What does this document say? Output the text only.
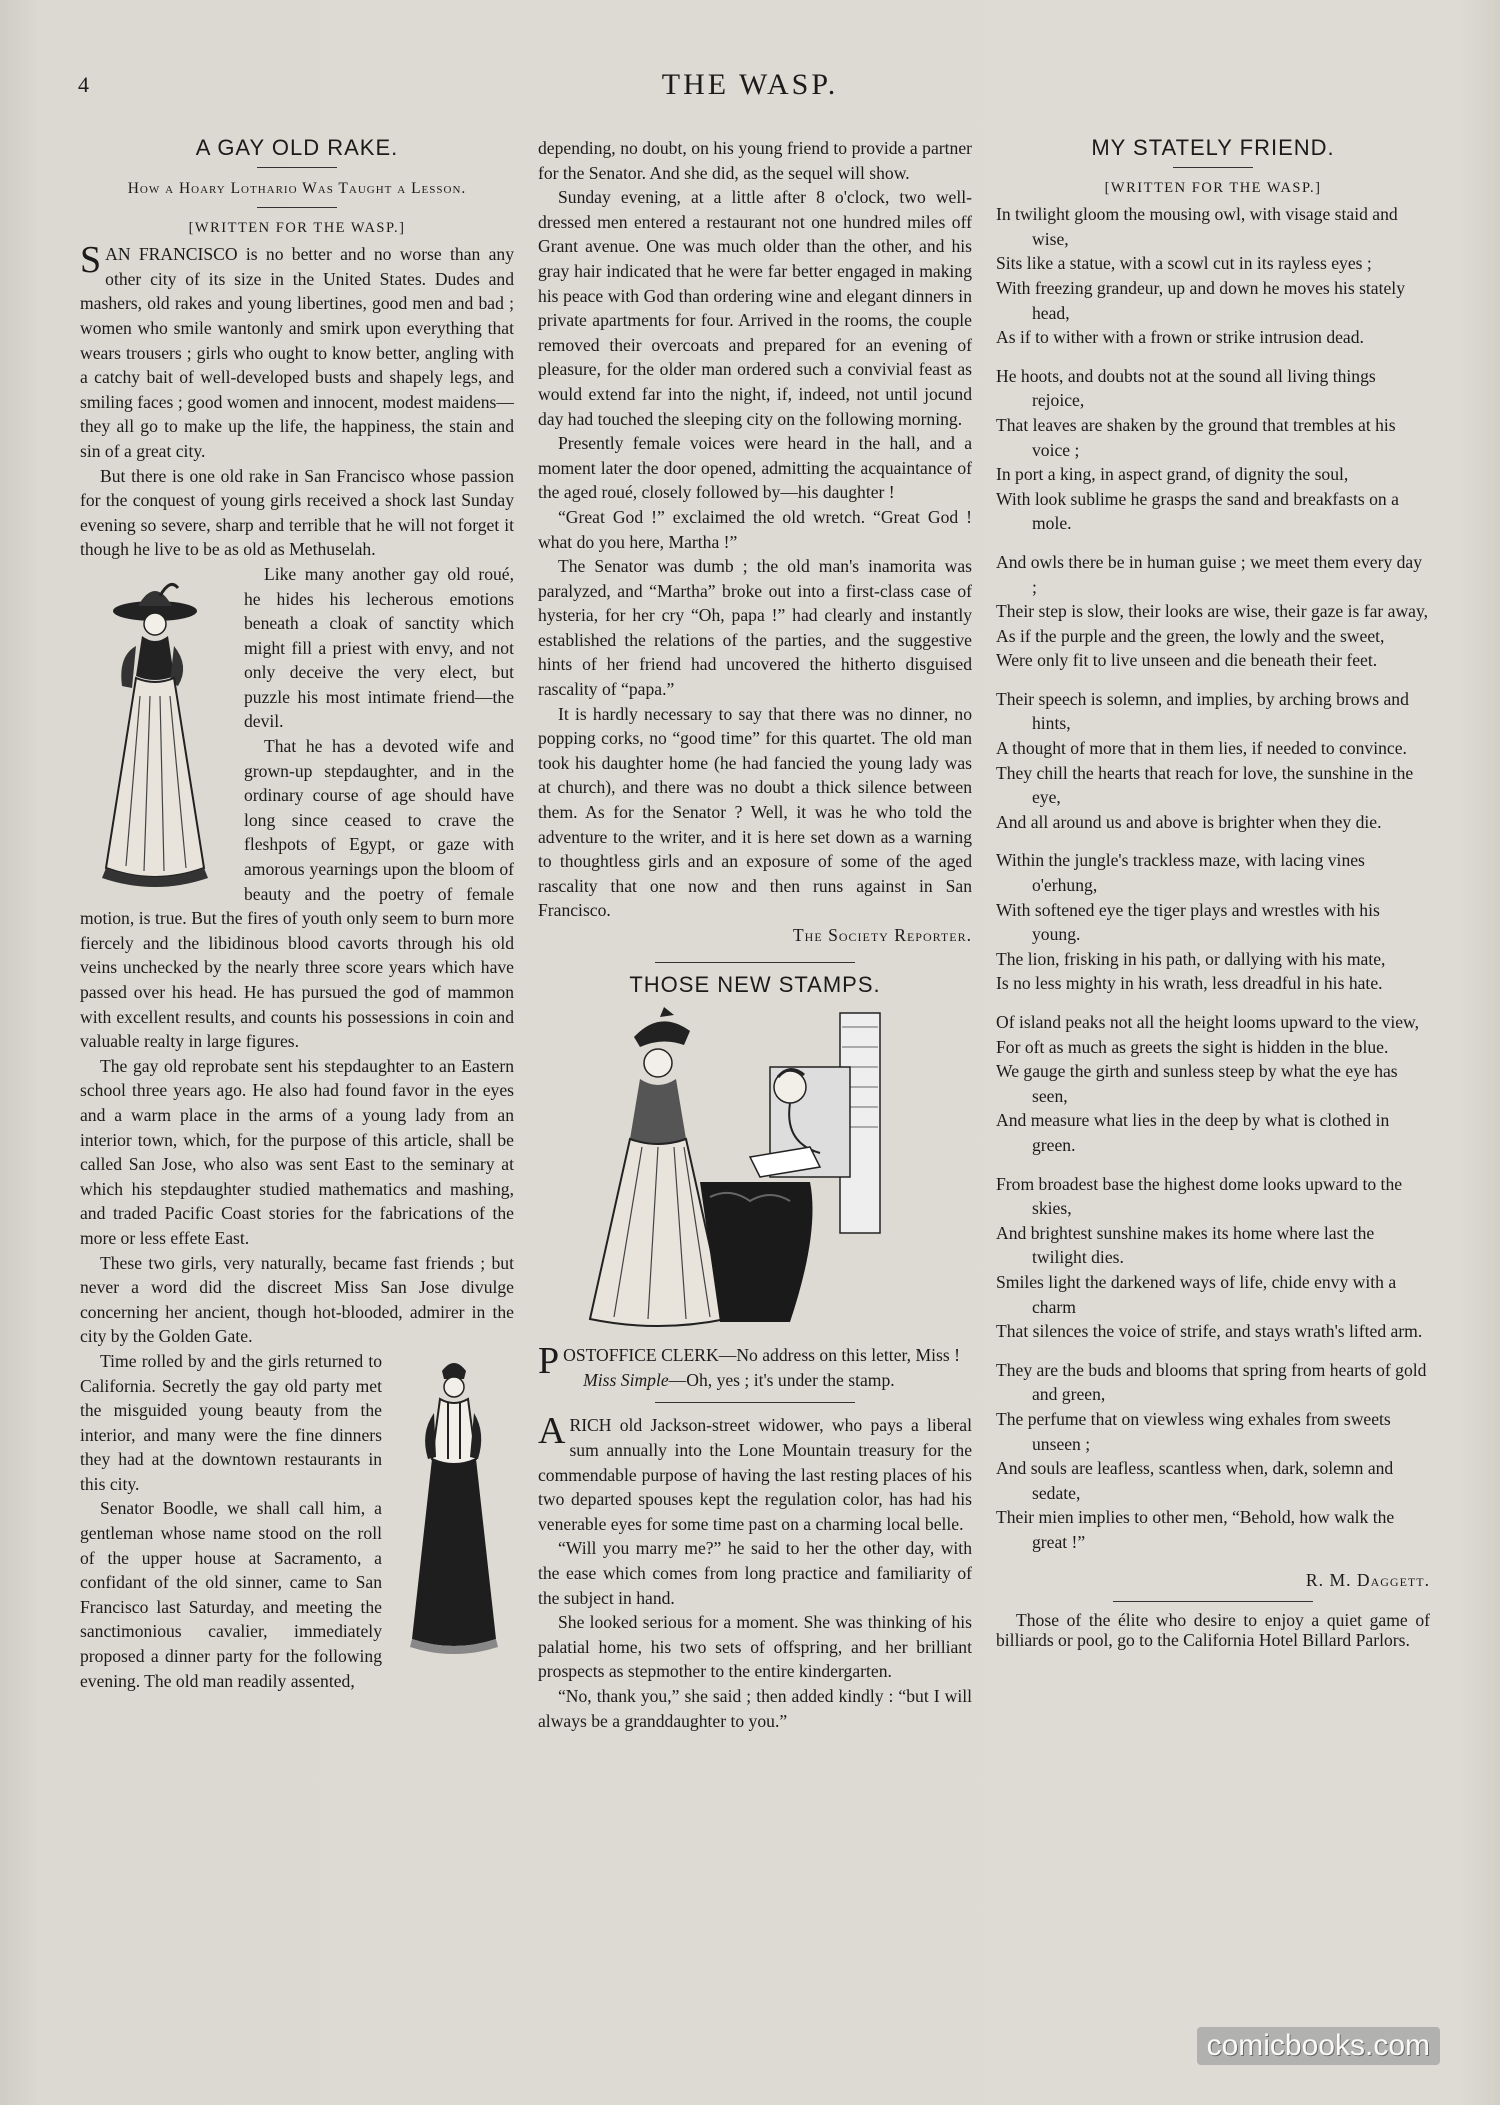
4	THE WASP.
A GAY OLD RAKE.
How a Hoary Lothario Was Taught a Lesson.
[WRITTEN FOR THE WASP.]

SAN FRANCISCO is no better and no worse than any other city of its size in the United States. Dudes and mashers, old rakes and young libertines, good men and bad ; women who smile wantonly and smirk upon everything that wears trousers ; girls who ought to know better, angling with a catchy bait of well-developed busts and shapely legs, and smiling faces ; good women and innocent, modest maidens—they all go to make up the life, the happiness, the stain and sin of a great city.

But there is one old rake in San Francisco whose passion for the conquest of young girls received a shock last Sunday evening so severe, sharp and terrible that he will not forget it though he live to be as old as Methuselah.

Like many another gay old roué, he hides his lecherous emotions beneath a cloak of sanctity which might fill a priest with envy, and not only deceive the very elect, but puzzle his most intimate friend—the devil.

That he has a devoted wife and grown-up stepdaughter, and in the ordinary course of age should have long since ceased to crave the fleshpots of Egypt, or gaze with amorous yearnings upon the bloom of beauty and the poetry of female motion, is true. But the fires of youth only seem to burn more fiercely and the libidinous blood cavorts through his old veins unchecked by the nearly three score years which have passed over his head. He has pursued the god of mammon with excellent results, and counts his possessions in coin and valuable realty in large figures.

The gay old reprobate sent his stepdaughter to an Eastern school three years ago. He also had found favor in the eyes and a warm place in the arms of a young lady from an interior town, which, for the purpose of this article, shall be called San Jose, who also was sent East to the seminary at which his stepdaughter studied mathematics and mashing, and traded Pacific Coast stories for the fabrications of the more or less effete East.

These two girls, very naturally, became fast friends ; but never a word did the discreet Miss San Jose divulge concerning her ancient, though hot-blooded, admirer in the city by the Golden Gate.

Time rolled by and the girls returned to California. Secretly the gay old party met the misguided young beauty from the interior, and many were the fine dinners they had at the downtown restaurants in this city.

Senator Boodle, we shall call him, a gentleman whose name stood on the roll of the upper house at Sacramento, a confidant of the old sinner, came to San Francisco last Saturday, and meeting the sanctimonious cavalier, immediately proposed a dinner party for the following evening. The old man readily assented,

depending, no doubt, on his young friend to provide a partner for the Senator. And she did, as the sequel will show.

Sunday evening, at a little after 8 o'clock, two well-dressed men entered a restaurant not one hundred miles off Grant avenue. One was much older than the other, and his gray hair indicated that he were far better engaged in making his peace with God than ordering wine and elegant dinners in private apartments for four. Arrived in the rooms, the couple removed their overcoats and prepared for an evening of pleasure, for the older man ordered such a convivial feast as would extend far into the night, if, indeed, not until jocund day had touched the sleeping city on the following morning.

Presently female voices were heard in the hall, and a moment later the door opened, admitting the acquaintance of the aged roué, closely followed by—his daughter !

“Great God !” exclaimed the old wretch. “Great God ! what do you here, Martha !”

The Senator was dumb ; the old man's inamorita was paralyzed, and “Martha” broke out into a first-class case of hysteria, for her cry “Oh, papa !” had clearly and instantly established the relations of the parties, and the suggestive hints of her friend had uncovered the hitherto disguised rascality of “papa.”

It is hardly necessary to say that there was no dinner, no popping corks, no “good time” for this quartet. The old man took his daughter home (he had fancied the young lady was at church), and there was no doubt a thick silence between them. As for the Senator ? Well, it was he who told the adventure to the writer, and it is here set down as a warning to thoughtless girls and an exposure of some of the aged rascality that one now and then runs against in San Francisco.

The Society Reporter.
THOSE NEW STAMPS.

POSTOFFICE CLERK—No address on this letter, Miss !

Miss Simple—Oh, yes ; it's under the stamp.

ARICH old Jackson-street widower, who pays a liberal sum annually into the Lone Mountain treasury for the commendable purpose of having the last resting places of his two departed spouses kept the regulation color, has had his venerable eyes for some time past on a charming local belle.

“Will you marry me?” he said to her the other day, with the ease which comes from long practice and familiarity of the subject in hand.

She looked serious for a moment. She was thinking of his palatial home, his two sets of offspring, and her brilliant prospects as stepmother to the entire kindergarten.

“No, thank you,” she said ; then added kindly : “but I will always be a granddaughter to you.”

MY STATELY FRIEND.
[WRITTEN FOR THE WASP.]
In twilight gloom the mousing owl, with visage staid and wise,
Sits like a statue, with a scowl cut in its rayless eyes ;
With freezing grandeur, up and down he moves his stately head,
As if to wither with a frown or strike intrusion dead.
He hoots, and doubts not at the sound all living things rejoice,
That leaves are shaken by the ground that trembles at his voice ;
In port a king, in aspect grand, of dignity the soul,
With look sublime he grasps the sand and breakfasts on a mole.
And owls there be in human guise ; we meet them every day ;
Their step is slow, their looks are wise, their gaze is far away,
As if the purple and the green, the lowly and the sweet,
Were only fit to live unseen and die beneath their feet.
Their speech is solemn, and implies, by arching brows and hints,
A thought of more that in them lies, if needed to convince.
They chill the hearts that reach for love, the sunshine in the eye,
And all around us and above is brighter when they die.
Within the jungle's trackless maze, with lacing vines o'erhung,
With softened eye the tiger plays and wrestles with his young.
The lion, frisking in his path, or dallying with his mate,
Is no less mighty in his wrath, less dreadful in his hate.
Of island peaks not all the height looms upward to the view,
For oft as much as greets the sight is hidden in the blue.
We gauge the girth and sunless steep by what the eye has seen,
And measure what lies in the deep by what is clothed in green.
From broadest base the highest dome looks upward to the skies,
And brightest sunshine makes its home where last the twilight dies.
Smiles light the darkened ways of life, chide envy with a charm
That silences the voice of strife, and stays wrath's lifted arm.
They are the buds and blooms that spring from hearts of gold and green,
The perfume that on viewless wing exhales from sweets unseen ;
And souls are leafless, scantless when, dark, solemn and sedate,
Their mien implies to other men, “Behold, how walk the great !”
R. M. Daggett.

Those of the élite who desire to enjoy a quiet game of billiards or pool, go to the California Hotel Billard Parlors.

comicbooks.com
